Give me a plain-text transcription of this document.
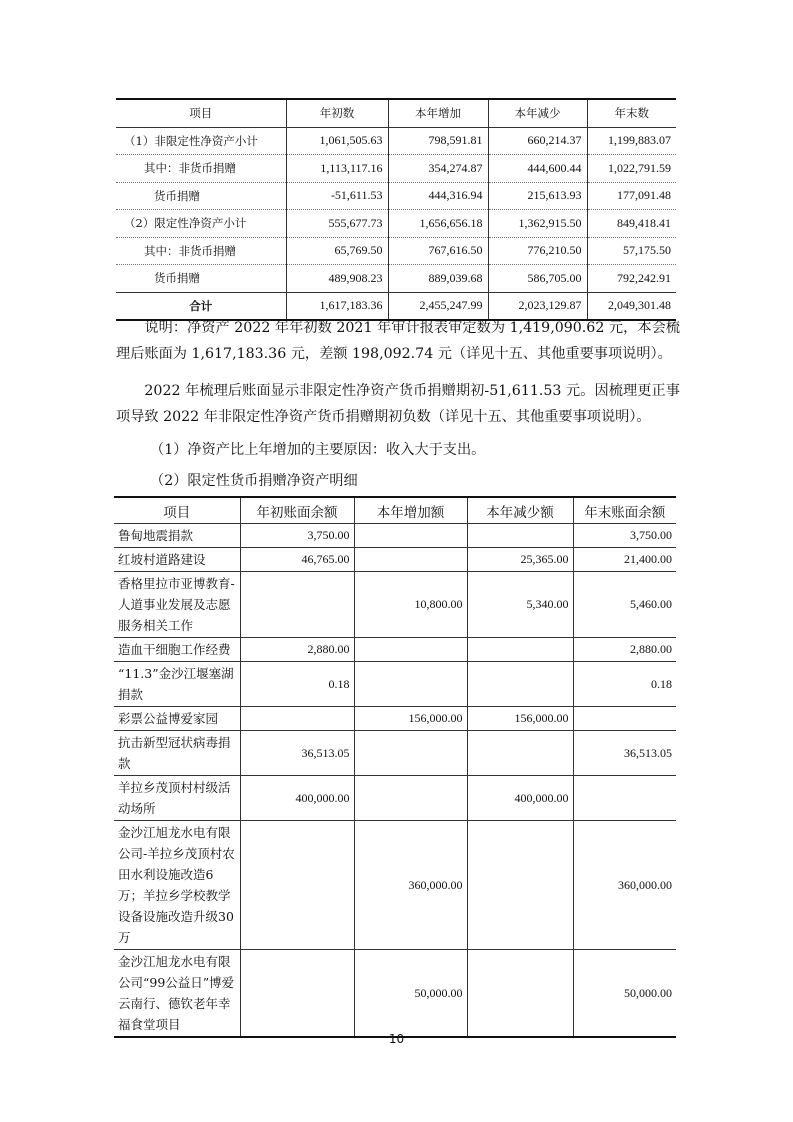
项目	年初数	本年增加	本年减少	年末数
（1）非限定性净资产小计	1,061,505.63	798,591.81	660,214.37	1,199,883.07
其中：非货币捐赠	1,113,117.16	354,274.87	444,600.44	1,022,791.59
货币捐赠	-51,611.53	444,316.94	215,613.93	177,091.48
（2）限定性净资产小计	555,677.73	1,656,656.18	1,362,915.50	849,418.41
其中：非货币捐赠	65,769.50	767,616.50	776,210.50	57,175.50
货币捐赠	489,908.23	889,039.68	586,705.00	792,242.91
合计	1,617,183.36	2,455,247.99	2,023,129.87	2,049,301.48

说明：净资产 2022 年年初数 2021 年审计报表审定数为 1,419,090.62 元，本会梳理后账面为 1,617,183.36 元，差额 198,092.74 元（详见十五、其他重要事项说明）。

2022 年梳理后账面显示非限定性净资产货币捐赠期初-51,611.53 元。因梳理更正事项导致 2022 年非限定性净资产货币捐赠期初负数（详见十五、其他重要事项说明）。

（1）净资产比上年增加的主要原因：收入大于支出。

（2）限定性货币捐赠净资产明细

项目	年初账面余额	本年增加额	本年减少额	年末账面余额
鲁甸地震捐款	3,750.00			3,750.00
红坡村道路建设	46,765.00		25,365.00	21,400.00
香格里拉市亚博教育-人道事业发展及志愿服务相关工作		10,800.00	5,340.00	5,460.00
造血干细胞工作经费	2,880.00			2,880.00
“11.3”金沙江堰塞湖捐款	0.18			0.18
彩票公益博爱家园		156,000.00	156,000.00	
抗击新型冠状病毒捐款	36,513.05			36,513.05
羊拉乡茂顶村村级活动场所	400,000.00		400,000.00	
金沙江旭龙水电有限公司-羊拉乡茂顶村农田水利设施改造6万；羊拉乡学校教学设备设施改造升级30万		360,000.00		360,000.00
金沙江旭龙水电有限公司“99公益日”博爱云南行、德钦老年幸福食堂项目		50,000.00		50,000.00
10
